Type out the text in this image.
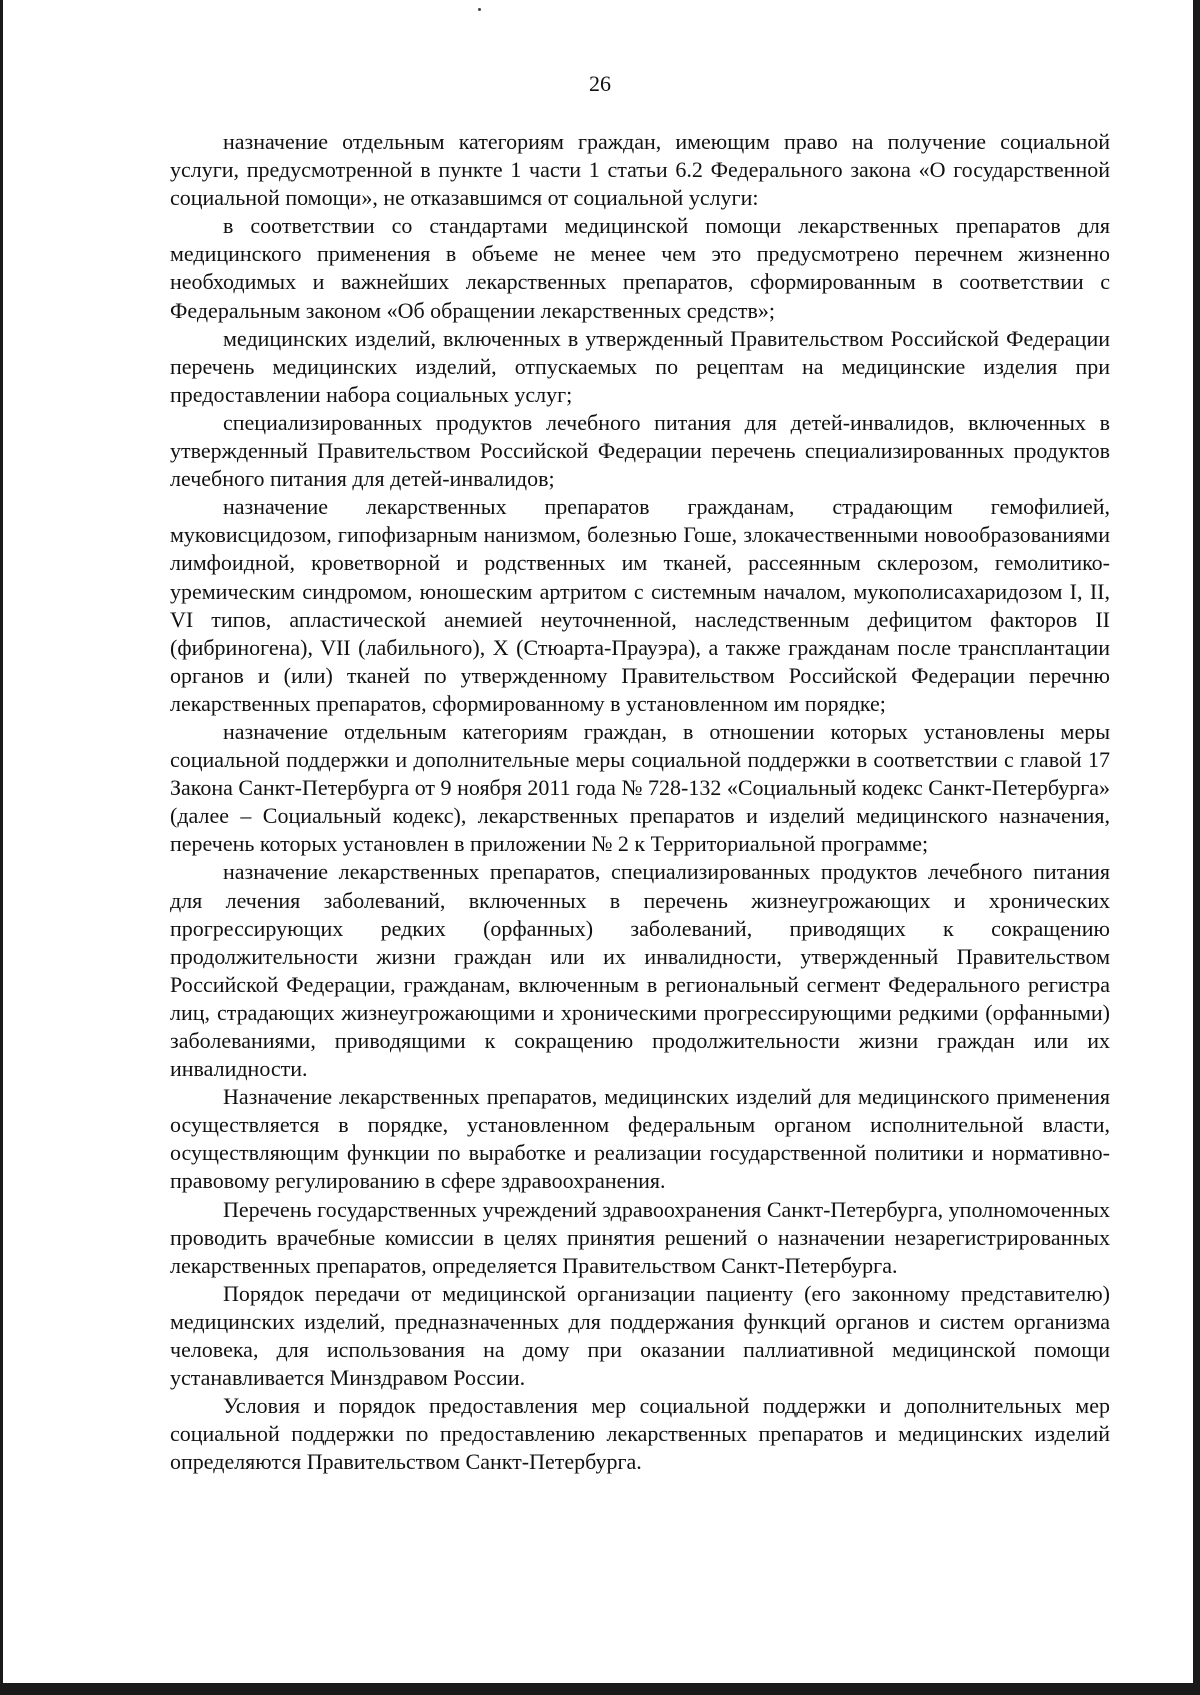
26

назначение отдельным категориям граждан, имеющим право на получение социальной услуги, предусмотренной в пункте 1 части 1 статьи 6.2 Федерального закона «О государственной социальной помощи», не отказавшимся от социальной услуги:

в соответствии со стандартами медицинской помощи лекарственных препаратов для медицинского применения в объеме не менее чем это предусмотрено перечнем жизненно необходимых и важнейших лекарственных препаратов, сформированным в соответствии с Федеральным законом «Об обращении лекарственных средств»;

медицинских изделий, включенных в утвержденный Правительством Российской Федерации перечень медицинских изделий, отпускаемых по рецептам на медицинские изделия при предоставлении набора социальных услуг;

специализированных продуктов лечебного питания для детей-инвалидов, включенных в утвержденный Правительством Российской Федерации перечень специализированных продуктов лечебного питания для детей-инвалидов;

назначение лекарственных препаратов гражданам, страдающим гемофилией, муковисцидозом, гипофизарным нанизмом, болезнью Гоше, злокачественными новообразованиями лимфоидной, кроветворной и родственных им тканей, рассеянным склерозом, гемолитико-уремическим синдромом, юношеским артритом с системным началом, мукополисахаридозом I, II, VI типов, апластической анемией неуточненной, наследственным дефицитом факторов II (фибриногена), VII (лабильного), X (Стюарта-Прауэра), а также гражданам после трансплантации органов и (или) тканей по утвержденному Правительством Российской Федерации перечню лекарственных препаратов, сформированному в установленном им порядке;

назначение отдельным категориям граждан, в отношении которых установлены меры социальной поддержки и дополнительные меры социальной поддержки в соответствии с главой 17 Закона Санкт-Петербурга от 9 ноября 2011 года № 728-132 «Социальный кодекс Санкт-Петербурга» (далее – Социальный кодекс), лекарственных препаратов и изделий медицинского назначения, перечень которых установлен в приложении № 2 к Территориальной программе;

назначение лекарственных препаратов, специализированных продуктов лечебного питания для лечения заболеваний, включенных в перечень жизнеугрожающих и хронических прогрессирующих редких (орфанных) заболеваний, приводящих к сокращению продолжительности жизни граждан или их инвалидности, утвержденный Правительством Российской Федерации, гражданам, включенным в региональный сегмент Федерального регистра лиц, страдающих жизнеугрожающими и хроническими прогрессирующими редкими (орфанными) заболеваниями, приводящими к сокращению продолжительности жизни граждан или их инвалидности.

Назначение лекарственных препаратов, медицинских изделий для медицинского применения осуществляется в порядке, установленном федеральным органом исполнительной власти, осуществляющим функции по выработке и реализации государственной политики и нормативно-правовому регулированию в сфере здравоохранения.

Перечень государственных учреждений здравоохранения Санкт-Петербурга, уполномоченных проводить врачебные комиссии в целях принятия решений о назначении незарегистрированных лекарственных препаратов, определяется Правительством Санкт-Петербурга.

Порядок передачи от медицинской организации пациенту (его законному представителю) медицинских изделий, предназначенных для поддержания функций органов и систем организма человека, для использования на дому при оказании паллиативной медицинской помощи устанавливается Минздравом России.

Условия и порядок предоставления мер социальной поддержки и дополнительных мер социальной поддержки по предоставлению лекарственных препаратов и медицинских изделий определяются Правительством Санкт-Петербурга.
